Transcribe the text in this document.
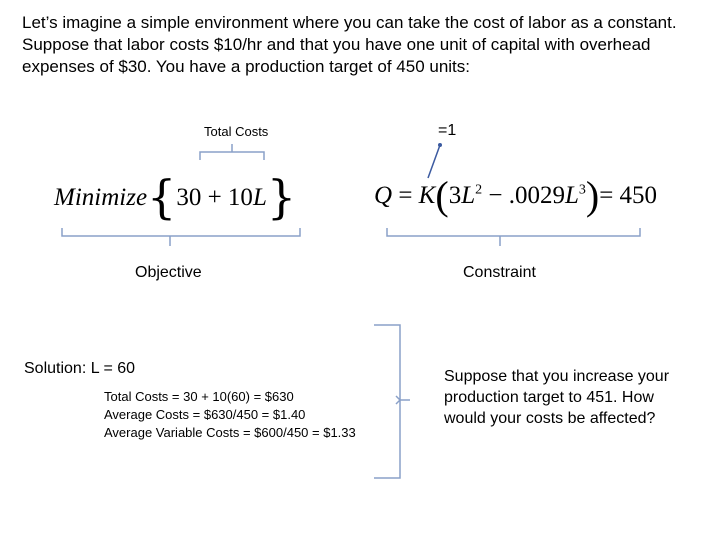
Let’s imagine a simple environment where you can take the cost of labor as a constant. Suppose that labor costs $10/hr and that you have one unit of capital with overhead expenses of $30. You have a production target of 450 units:
Total Costs
Minimize{30 + 10L}
Objective
=1
$Q = K(3L^2 - .0029L^3)= 450$
Constraint
Solution: L = 60
Total Costs = 30 + 10(60) = $630
Average Costs = $630/450 = $1.40
Average Variable Costs = $600/450 = $1.33
Suppose that you increase your production target to 451. How would your costs be affected?
